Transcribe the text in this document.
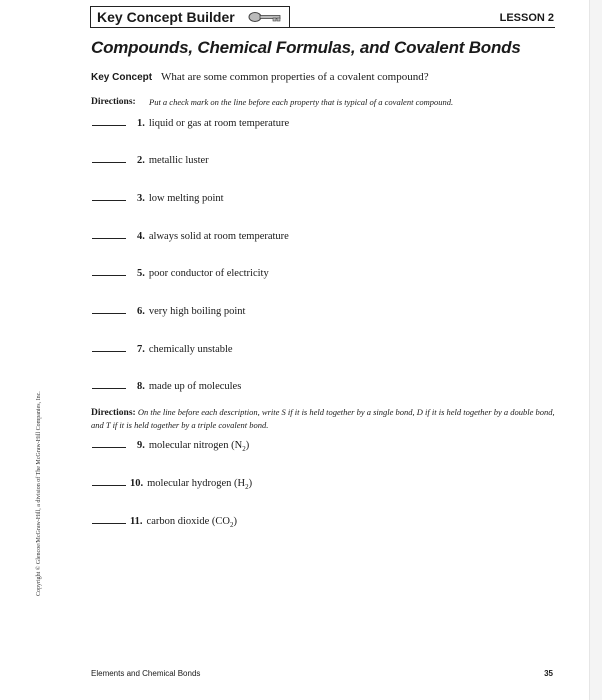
Key Concept Builder	LESSON 2
Compounds, Chemical Formulas, and Covalent Bonds
Key Concept What are some common properties of a covalent compound?
Directions: Put a check mark on the line before each property that is typical of a covalent compound.
1. liquid or gas at room temperature
2. metallic luster
3. low melting point
4. always solid at room temperature
5. poor conductor of electricity
6. very high boiling point
7. chemically unstable
8. made up of molecules
Directions: On the line before each description, write S if it is held together by a single bond, D if it is held together by a double bond, and T if it is held together by a triple covalent bond.
9. molecular nitrogen $(N_2)$
10. molecular hydrogen $(H_2)$
11. carbon dioxide $(CO_2)$
Copyright © Glencoe/McGraw-Hill, a division of The McGraw-Hill Companies, Inc.
Elements and Chemical Bonds	35
